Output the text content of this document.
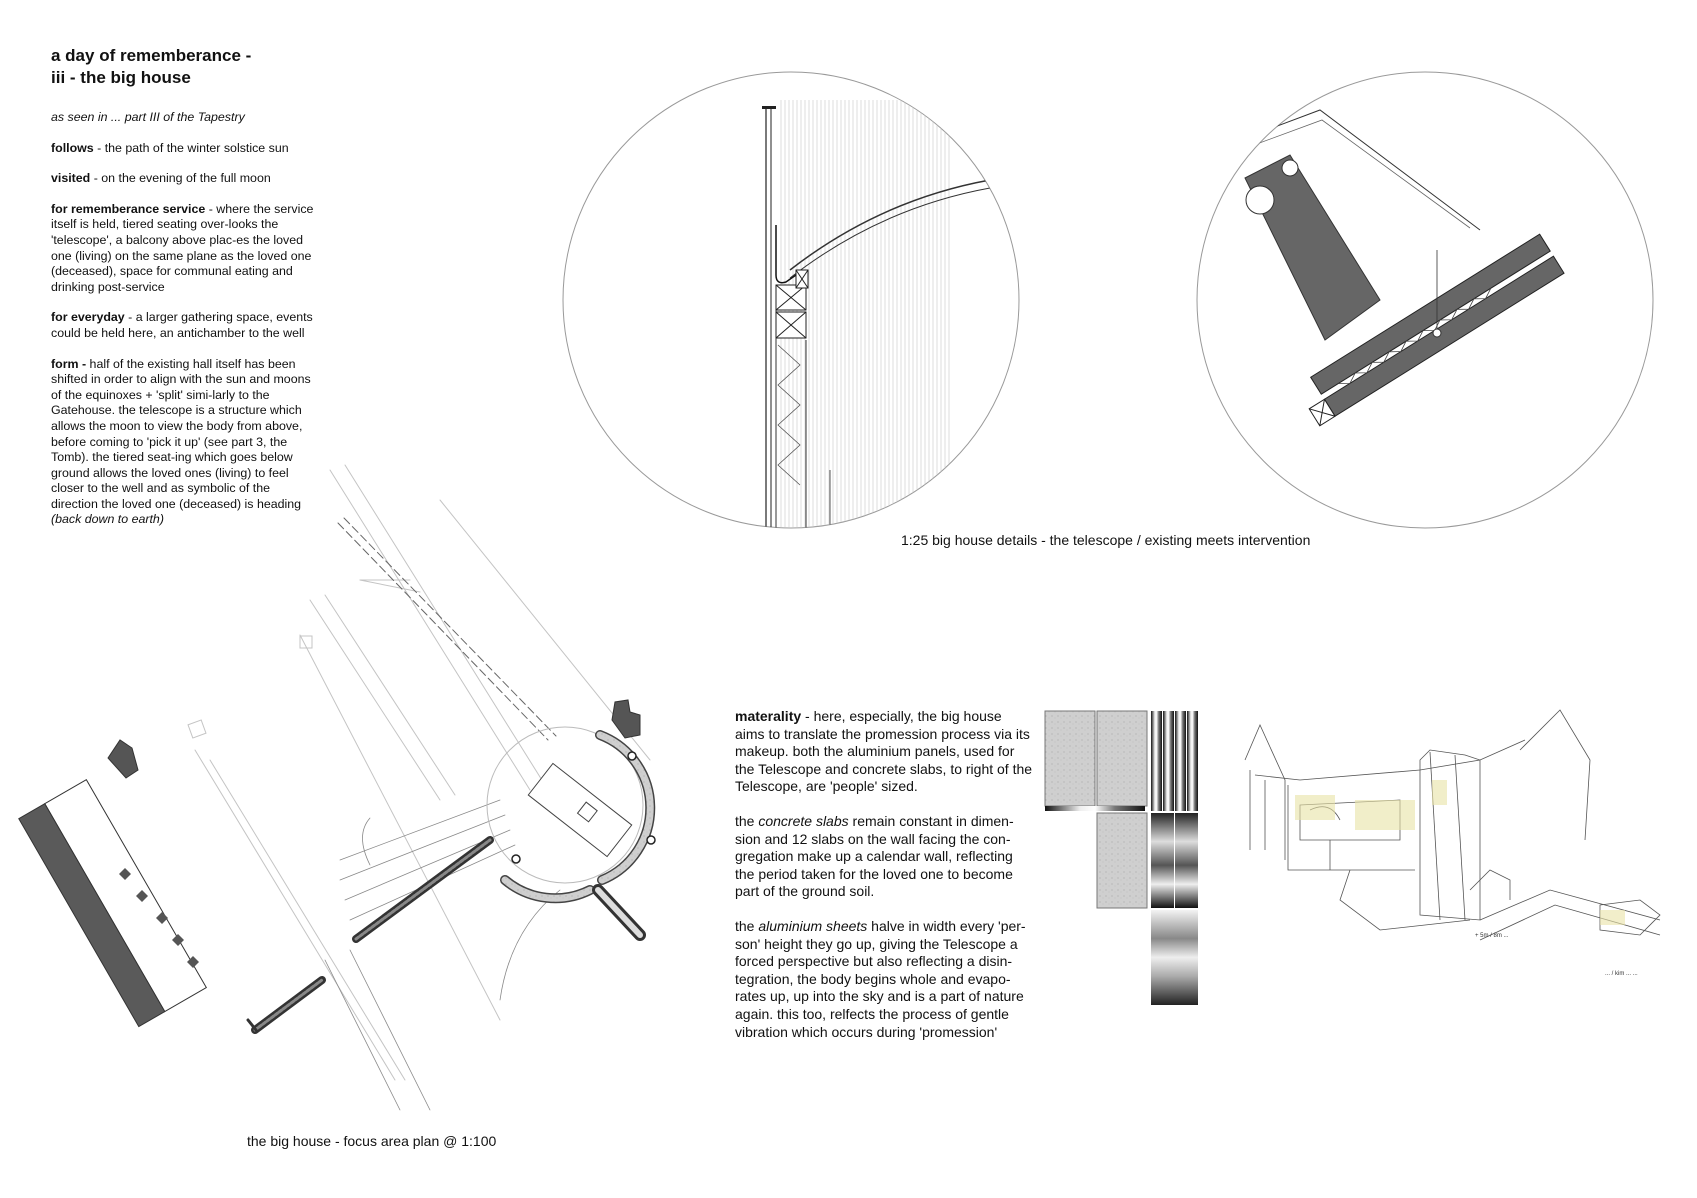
a day of rememberance -
iii - the big house

as seen in ... part III of the Tapestry

follows - the path of the winter solstice sun

visited - on the evening of the full moon

for rememberance service - where the service itself is held, tiered seating over-looks the 'telescope', a balcony above plac-es the loved one (living) on the same plane as the loved one (deceased), space for communal eating and drinking post-service

for everyday - a larger gathering space, events could be held here, an antichamber to the well

form - half of the existing hall itself has been shifted in order to align with the sun and moons of the equinoxes + 'split' simi-larly to the Gatehouse. the telescope is a structure which allows the moon to view the body from above, before coming to 'pick it up' (see part 3, the Tomb). the tiered seat-ing which goes below ground allows the loved ones (living) to feel closer to the well and as symbolic of the direction the loved one (deceased) is heading (back down to earth)

materality - here, especially, the big house aims to translate the promession process via its makeup. both the aluminium panels, used for the Telescope and concrete slabs, to right of the Telescope, are 'people' sized.

the concrete slabs remain constant in dimen-sion and 12 slabs on the wall facing the con-gregation make up a calendar wall, reflecting the period taken for the loved one to become part of the ground soil.

the aluminium sheets halve in width every 'per-son' height they go up, giving the Telescope a forced perspective but also reflecting a disin-tegration, the body begins whole and evapo-rates up, up into the sky and is a part of nature again. this too, relfects the process of gentle vibration which occurs during 'promession'

1:25 big house details - the telescope / existing meets intervention
the big house - focus area plan @ 1:100
+ 5m / 8m ...
... / kim ... ...
